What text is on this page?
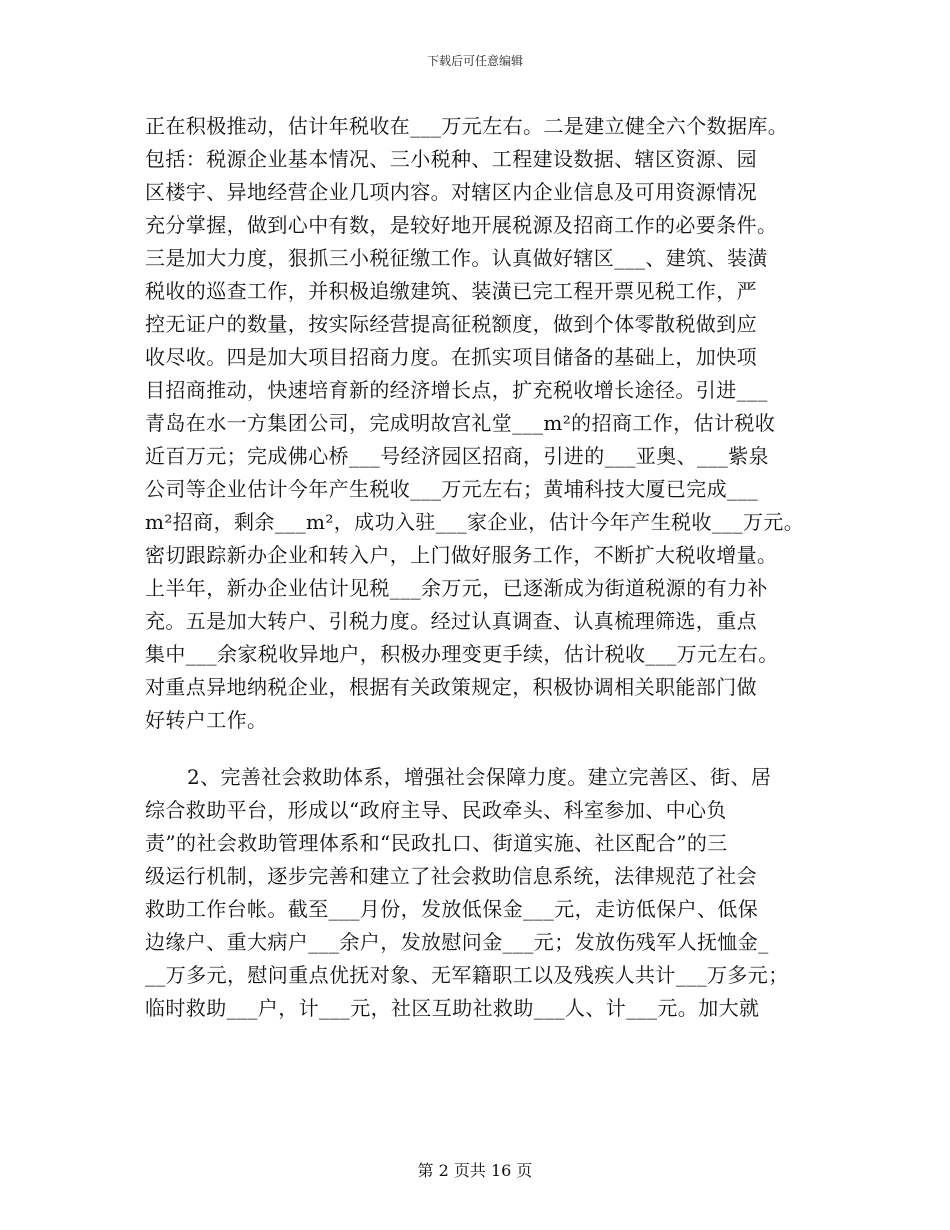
下载后可任意编辑
正在积极推动，估计年税收在___万元左右。二是建立健全六个数据库。
包括：税源企业基本情况、三小税种、工程建设数据、辖区资源、园
区楼宇、异地经营企业几项内容。对辖区内企业信息及可用资源情况
充分掌握，做到心中有数，是较好地开展税源及招商工作的必要条件。
三是加大力度，狠抓三小税征缴工作。认真做好辖区___、建筑、装潢
税收的巡查工作，并积极追缴建筑、装潢已完工程开票见税工作，严
控无证户的数量，按实际经营提高征税额度，做到个体零散税做到应
收尽收。四是加大项目招商力度。在抓实项目储备的基础上，加快项
目招商推动，快速培育新的经济增长点，扩充税收增长途径。引进___
青岛在水一方集团公司，完成明故宫礼堂___m²的招商工作，估计税收
近百万元；完成佛心桥___号经济园区招商，引进的___亚奥、___紫泉
公司等企业估计今年产生税收___万元左右；黄埔科技大厦已完成___
m²招商，剩余___m²，成功入驻___家企业，估计今年产生税收___万元。
密切跟踪新办企业和转入户，上门做好服务工作，不断扩大税收增量。
上半年，新办企业估计见税___余万元，已逐渐成为街道税源的有力补
充。五是加大转户、引税力度。经过认真调查、认真梳理筛选，重点
集中___余家税收异地户，积极办理变更手续，估计税收___万元左右。
对重点异地纳税企业，根据有关政策规定，积极协调相关职能部门做
好转户工作。
2、完善社会救助体系，增强社会保障力度。建立完善区、街、居
综合救助平台，形成以“政府主导、民政牵头、科室参加、中心负
责”的社会救助管理体系和“民政扎口、街道实施、社区配合”的三
级运行机制，逐步完善和建立了社会救助信息系统，法律规范了社会
救助工作台帐。截至___月份，发放低保金___元，走访低保户、低保
边缘户、重大病户___余户，发放慰问金___元；发放伤残军人抚恤金_
__万多元，慰问重点优抚对象、无军籍职工以及残疾人共计___万多元；
临时救助___户，计___元，社区互助社救助___人、计___元。加大就
第 2 页共 16 页
